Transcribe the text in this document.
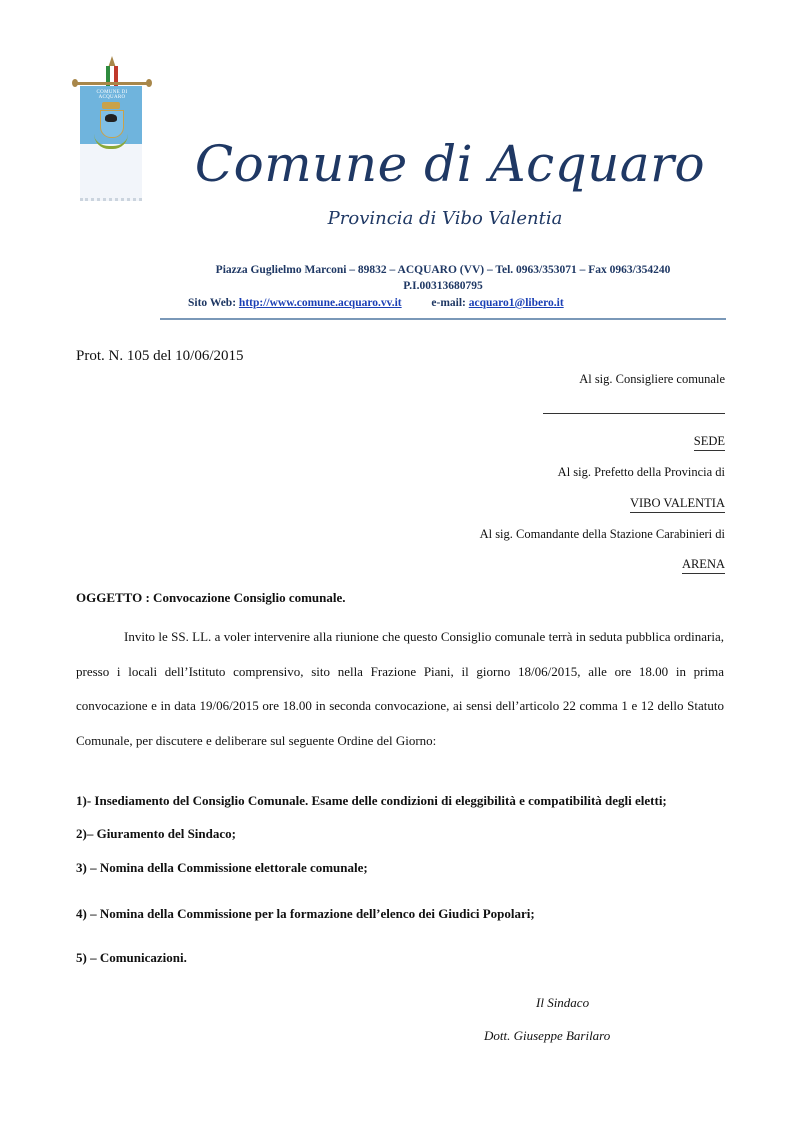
COMUNE DI ACQUARO
Comune di Acquaro
Provincia di Vibo Valentia
Piazza Guglielmo Marconi – 89832 – ACQUARO (VV) – Tel. 0963/353071 – Fax 0963/354240
P.I.00313680795
Sito Web: http://www.comune.acquaro.vv.it	e-mail: acquaro1@libero.it
Prot. N. 105 del 10/06/2015
Al sig. Consigliere comunale
SEDE
Al sig. Prefetto della Provincia di
VIBO VALENTIA
Al sig. Comandante della Stazione Carabinieri di
ARENA
OGGETTO : Convocazione Consiglio comunale.
Invito le SS. LL. a voler intervenire alla riunione che questo Consiglio comunale terrà in seduta pubblica ordinaria, presso i locali dell’Istituto comprensivo, sito nella Frazione Piani, il giorno 18/06/2015, alle ore 18.00 in prima convocazione e in data 19/06/2015 ore 18.00 in seconda convocazione, ai sensi dell’articolo 22 comma 1 e 12 dello Statuto Comunale, per discutere e deliberare sul seguente Ordine del Giorno:
1)- Insediamento del Consiglio Comunale. Esame delle condizioni di eleggibilità e compatibilità degli eletti;
2)– Giuramento del Sindaco;
3) – Nomina della Commissione elettorale comunale;
4) – Nomina della Commissione per la formazione dell’elenco dei Giudici Popolari;
5) – Comunicazioni.
Il Sindaco
Dott. Giuseppe Barilaro
